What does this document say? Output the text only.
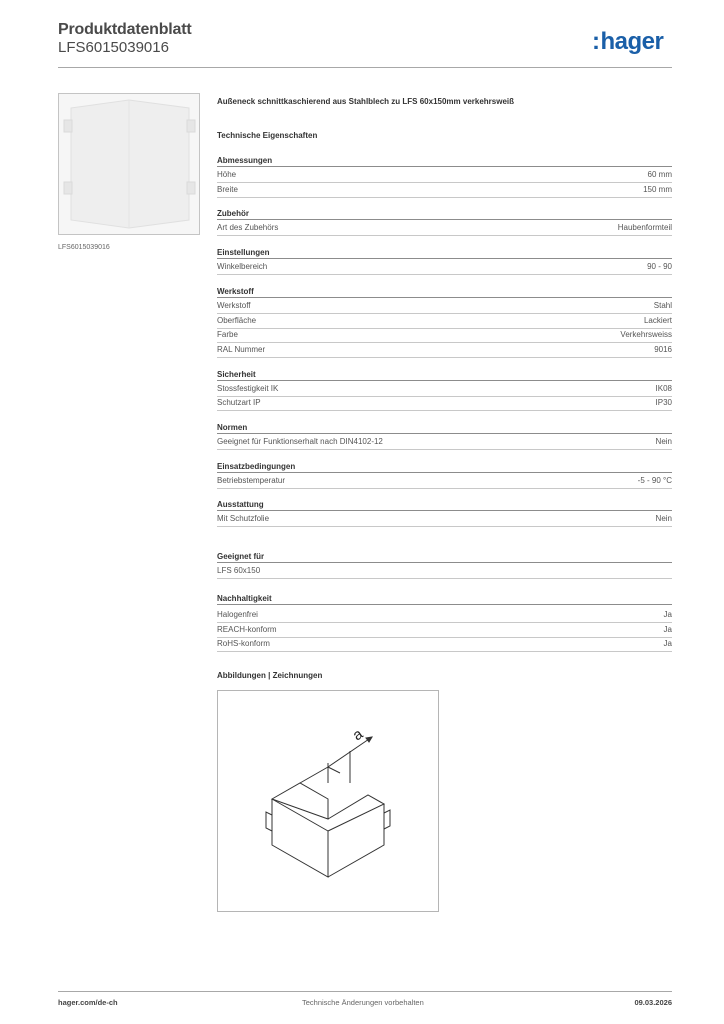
Produktdatenblatt
LFS6015039016	:hager
LFS6015039016
Außeneck schnittkaschierend aus Stahlblech zu LFS 60x150mm verkehrsweiß
Technische Eigenschaften
Abmessungen
Höhe	60 mm
Breite	150 mm
Zubehör
Art des Zubehörs	Haubenformteil
Einstellungen
Winkelbereich	90 - 90
Werkstoff
Werkstoff	Stahl
Oberfläche	Lackiert
Farbe	Verkehrsweiss
RAL Nummer	9016
Sicherheit
Stossfestigkeit IK	IK08
Schutzart IP	IP30
Normen
Geeignet für Funktionserhalt nach DIN4102-12	Nein
Einsatzbedingungen
Betriebstemperatur	-5 - 90 °C
Ausstattung
Mit Schutzfolie	Nein
Geeignet für
LFS 60x150
Nachhaltigkeit
Halogenfrei	Ja
REACH-konform	Ja
RoHS-konform	Ja
Abbildungen | Zeichnungen
a
hager.com/de-ch	Technische Änderungen vorbehalten	09.03.2026
